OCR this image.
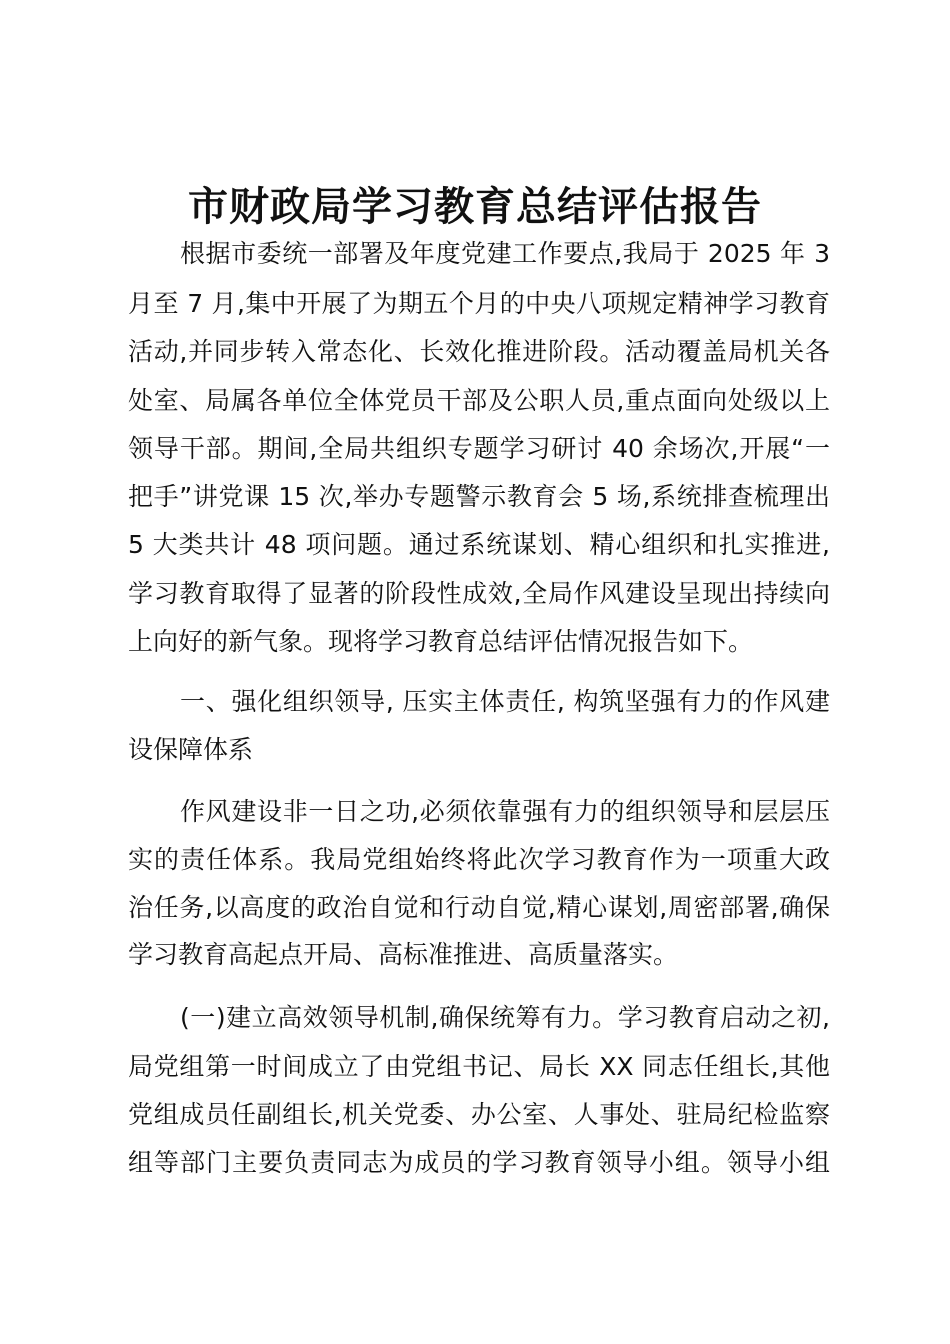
市财政局学习教育总结评估报告
根据市委统一部署及年度党建工作要点,我局于 2025 年 3
月至 7 月,集中开展了为期五个月的中央八项规定精神学习教育
活动,并同步转入常态化、长效化推进阶段。活动覆盖局机关各
处室、局属各单位全体党员干部及公职人员,重点面向处级以上
领导干部。期间,全局共组织专题学习研讨 40 余场次,开展“一
把手”讲党课 15 次,举办专题警示教育会 5 场,系统排查梳理出
5 大类共计 48 项问题。通过系统谋划、精心组织和扎实推进,
学习教育取得了显著的阶段性成效,全局作风建设呈现出持续向
上向好的新气象。现将学习教育总结评估情况报告如下。
一、强化组织领导, 压实主体责任, 构筑坚强有力的作风建
设保障体系
作风建设非一日之功,必须依靠强有力的组织领导和层层压
实的责任体系。我局党组始终将此次学习教育作为一项重大政
治任务,以高度的政治自觉和行动自觉,精心谋划,周密部署,确保
学习教育高起点开局、高标准推进、高质量落实。
(一)建立高效领导机制,确保统筹有力。学习教育启动之初,
局党组第一时间成立了由党组书记、局长 XX 同志任组长,其他
党组成员任副组长,机关党委、办公室、人事处、驻局纪检监察
组等部门主要负责同志为成员的学习教育领导小组。领导小组
